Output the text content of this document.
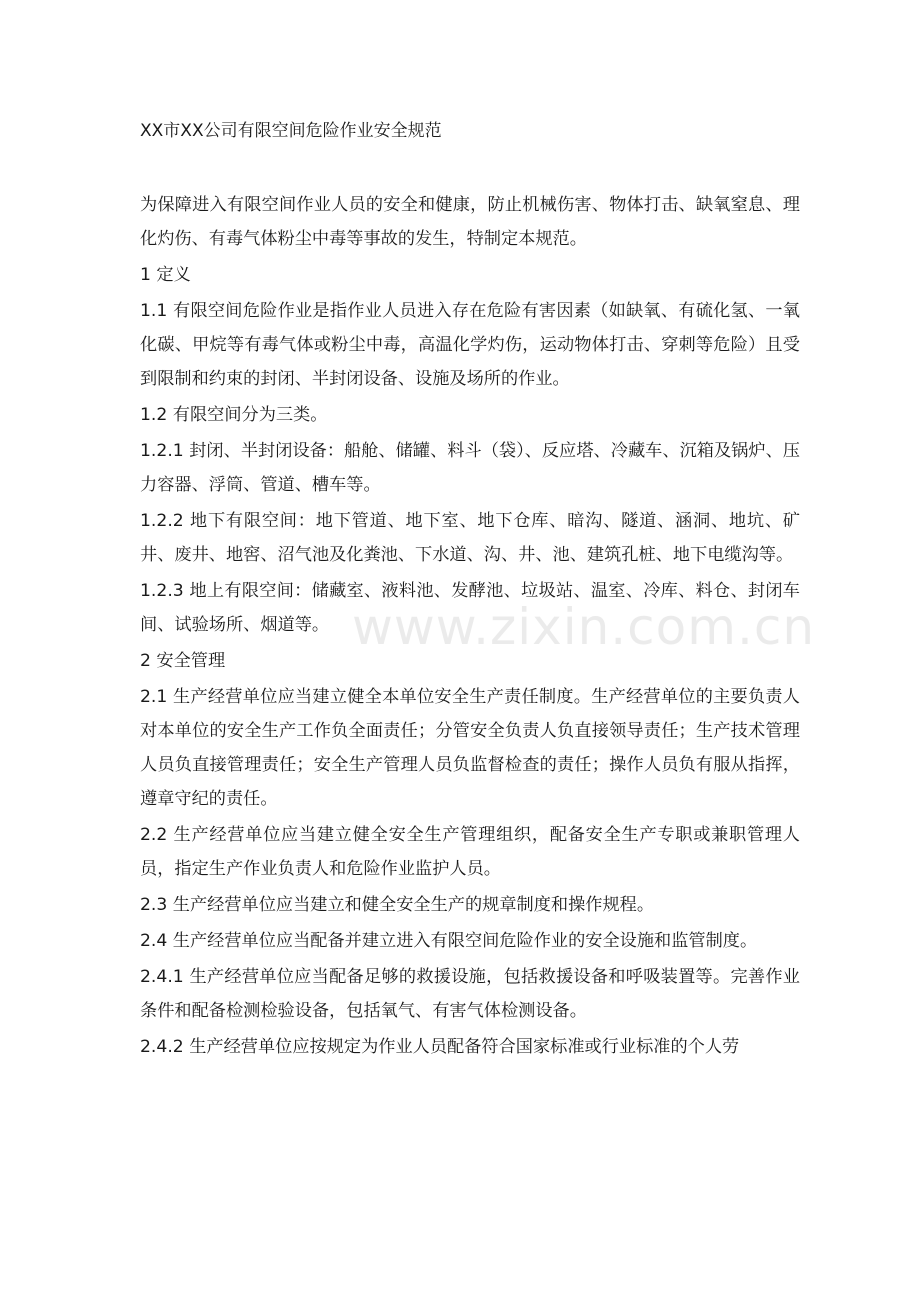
XX市XX公司有限空间危险作业安全规范

为保障进入有限空间作业人员的安全和健康，防止机械伤害、物体打击、缺氧窒息、理化灼伤、有毒气体粉尘中毒等事故的发生，特制定本规范。

1 定义

1.1 有限空间危险作业是指作业人员进入存在危险有害因素（如缺氧、有硫化氢、一氧化碳、甲烷等有毒气体或粉尘中毒，高温化学灼伤，运动物体打击、穿刺等危险）且受到限制和约束的封闭、半封闭设备、设施及场所的作业。

1.2 有限空间分为三类。

1.2.1 封闭、半封闭设备：船舱、储罐、料斗（袋）、反应塔、冷藏车、沉箱及锅炉、压力容器、浮筒、管道、槽车等。

1.2.2 地下有限空间：地下管道、地下室、地下仓库、暗沟、隧道、涵洞、地坑、矿井、废井、地窖、沼气池及化粪池、下水道、沟、井、池、建筑孔桩、地下电缆沟等。

1.2.3 地上有限空间：储藏室、液料池、发酵池、垃圾站、温室、冷库、料仓、封闭车间、试验场所、烟道等。

2 安全管理

2.1 生产经营单位应当建立健全本单位安全生产责任制度。生产经营单位的主要负责人对本单位的安全生产工作负全面责任；分管安全负责人负直接领导责任；生产技术管理人员负直接管理责任；安全生产管理人员负监督检查的责任；操作人员负有服从指挥，遵章守纪的责任。

2.2 生产经营单位应当建立健全安全生产管理组织，配备安全生产专职或兼职管理人员，指定生产作业负责人和危险作业监护人员。

2.3 生产经营单位应当建立和健全安全生产的规章制度和操作规程。

2.4 生产经营单位应当配备并建立进入有限空间危险作业的安全设施和监管制度。

2.4.1 生产经营单位应当配备足够的救援设施，包括救援设备和呼吸装置等。完善作业条件和配备检测检验设备，包括氧气、有害气体检测设备。

2.4.2 生产经营单位应按规定为作业人员配备符合国家标准或行业标准的个人劳

www.zixin.com.cn
